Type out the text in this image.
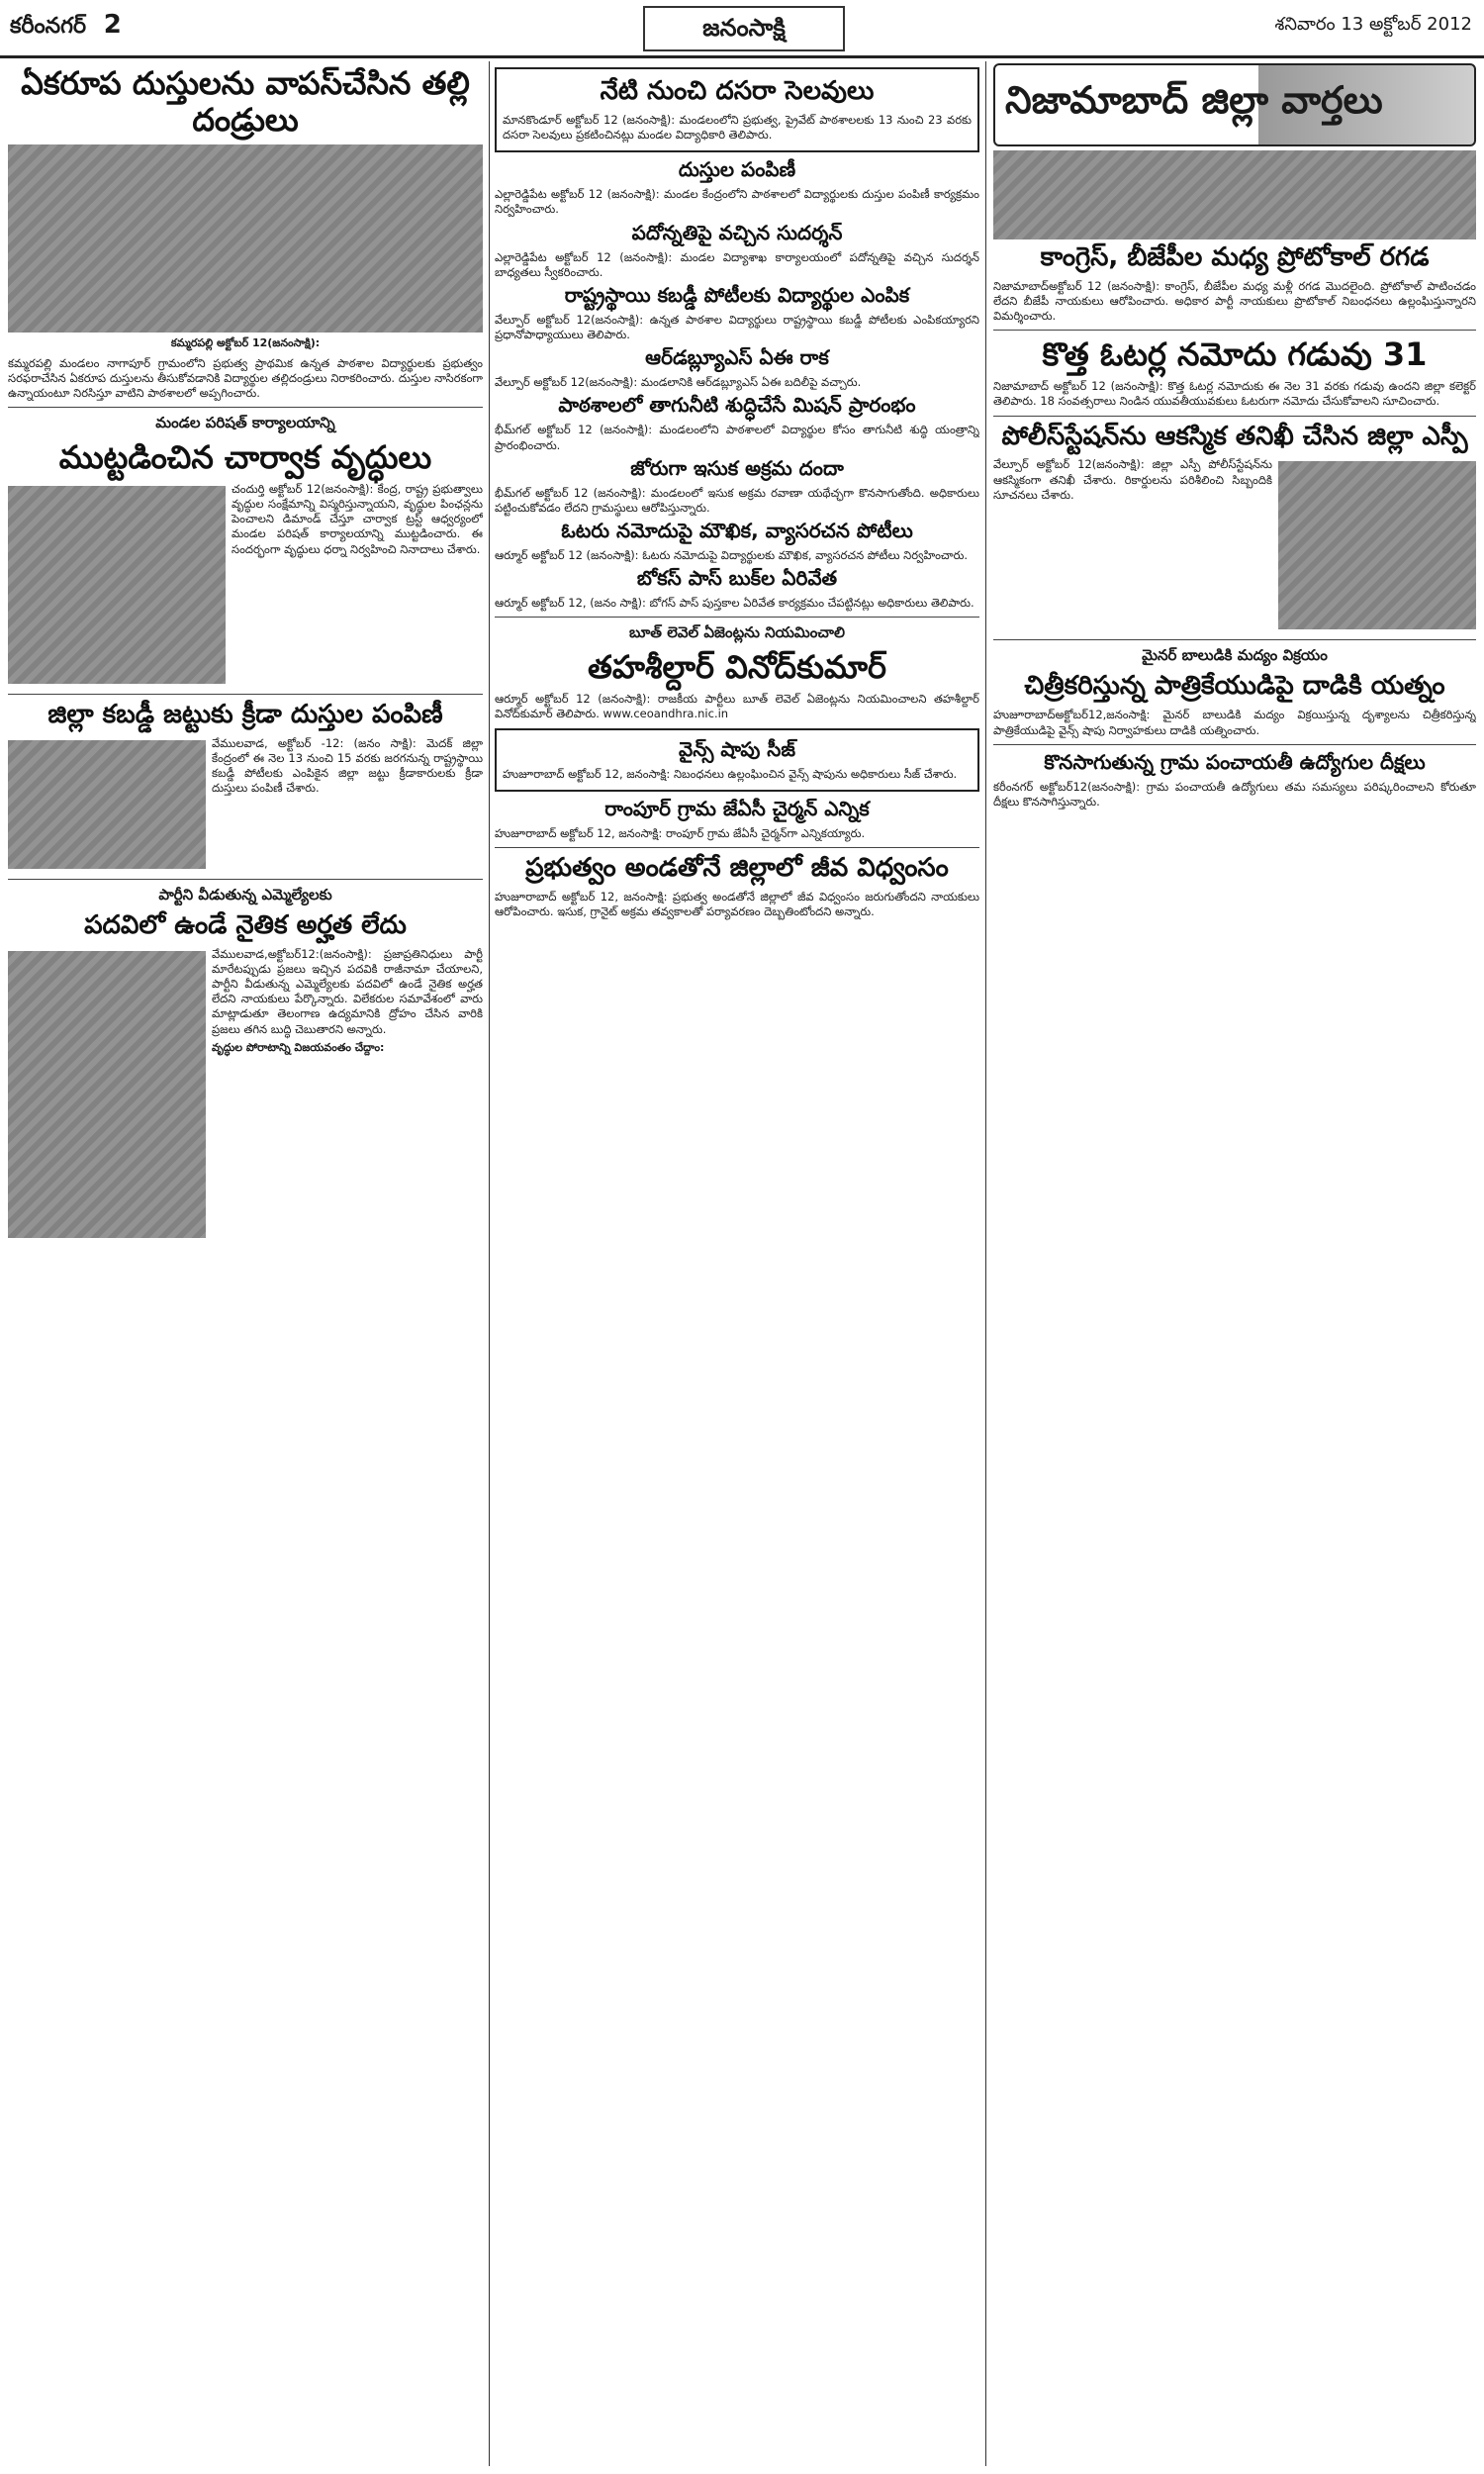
కరీంనగర్ 2	జనంసాక్షి	శనివారం 13 అక్టోబర్ 2012
ఏకరూప దుస్తులను వాపస్‌చేసిన తల్లి దండ్రులు
కమ్మరపల్లి అక్టోబర్ 12(జనంసాక్షి):

కమ్మరపల్లి మండలం నాగాపూర్ గ్రామంలోని ప్రభుత్వ ప్రాథమిక ఉన్నత పాఠశాల విద్యార్థులకు ప్రభుత్వం సరఫరాచేసిన ఏకరూప దుస్తులను తీసుకోవడానికి విద్యార్థుల తల్లిదండ్రులు నిరాకరించారు. దుస్తుల నాసిరకంగా ఉన్నాయంటూ నిరసిస్తూ వాటిని పాఠశాలలో అప్పగించారు.

మండల పరిషత్ కార్యాలయాన్ని
ముట్టడించిన చార్వాక వృద్ధులు

చందుర్తి అక్టోబర్ 12(జనంసాక్షి): కేంద్ర, రాష్ట్ర ప్రభుత్వాలు వృద్ధుల సంక్షేమాన్ని విస్మరిస్తున్నాయని, వృద్ధుల పింఛన్లను పెంచాలని డిమాండ్ చేస్తూ చార్వాక ట్రస్ట్ ఆధ్వర్యంలో మండల పరిషత్ కార్యాలయాన్ని ముట్టడించారు. ఈ సందర్భంగా వృద్ధులు ధర్నా నిర్వహించి నినాదాలు చేశారు.

జిల్లా కబడ్డీ జట్టుకు క్రీడా దుస్తుల పంపిణీ

వేములవాడ, అక్టోబర్ -12: (జనం సాక్షి): మెదక్ జిల్లా కేంద్రంలో ఈ నెల 13 నుంచి 15 వరకు జరగనున్న రాష్ట్రస్థాయి కబడ్డీ పోటీలకు ఎంపికైన జిల్లా జట్టు క్రీడాకారులకు క్రీడా దుస్తులు పంపిణీ చేశారు.

పార్టీని వీడుతున్న ఎమ్మెల్యేలకు
పదవిలో ఉండే నైతిక అర్హత లేదు

వేములవాడ,అక్టోబర్12:(జనంసాక్షి): ప్రజాప్రతినిధులు పార్టీ మారేటప్పుడు ప్రజలు ఇచ్చిన పదవికి రాజీనామా చేయాలని, పార్టీని వీడుతున్న ఎమ్మెల్యేలకు పదవిలో ఉండే నైతిక అర్హత లేదని నాయకులు పేర్కొన్నారు. విలేకరుల సమావేశంలో వారు మాట్లాడుతూ తెలంగాణ ఉద్యమానికి ద్రోహం చేసిన వారికి ప్రజలు తగిన బుద్ధి చెబుతారని అన్నారు.

వృద్ధుల పోరాటాన్ని విజయవంతం చేద్దాం:
నేటి నుంచి దసరా సెలవులు

మానకొండూర్ అక్టోబర్ 12 (జనంసాక్షి): మండలంలోని ప్రభుత్వ, ప్రైవేట్ పాఠశాలలకు 13 నుంచి 23 వరకు దసరా సెలవులు ప్రకటించినట్లు మండల విద్యాధికారి తెలిపారు.

దుస్తుల పంపిణీ

ఎల్లారెడ్డిపేట అక్టోబర్ 12 (జనంసాక్షి): మండల కేంద్రంలోని పాఠశాలలో విద్యార్థులకు దుస్తుల పంపిణీ కార్యక్రమం నిర్వహించారు.

పదోన్నతిపై వచ్చిన సుదర్శన్

ఎల్లారెడ్డిపేట అక్టోబర్ 12 (జనంసాక్షి): మండల విద్యాశాఖ కార్యాలయంలో పదోన్నతిపై వచ్చిన సుదర్శన్ బాధ్యతలు స్వీకరించారు.

రాష్ట్రస్థాయి కబడ్డీ పోటీలకు విద్యార్థుల ఎంపిక

వేల్పూర్ అక్టోబర్ 12(జనంసాక్షి): ఉన్నత పాఠశాల విద్యార్థులు రాష్ట్రస్థాయి కబడ్డీ పోటీలకు ఎంపికయ్యారని ప్రధానోపాధ్యాయులు తెలిపారు.

ఆర్‌డబ్ల్యూఎస్ ఏఈ రాక

వేల్పూర్ అక్టోబర్ 12(జనంసాక్షి): మండలానికి ఆర్‌డబ్ల్యూఎస్ ఏఈ బదిలీపై వచ్చారు.

పాఠశాలలో తాగునీటి శుద్ధిచేసే మిషన్ ప్రారంభం

భీమ్‌గల్ అక్టోబర్ 12 (జనంసాక్షి): మండలంలోని పాఠశాలలో విద్యార్థుల కోసం తాగునీటి శుద్ధి యంత్రాన్ని ప్రారంభించారు.

జోరుగా ఇసుక అక్రమ దందా

భీమ్‌గల్ అక్టోబర్ 12 (జనంసాక్షి): మండలంలో ఇసుక అక్రమ రవాణా యథేచ్ఛగా కొనసాగుతోంది. అధికారులు పట్టించుకోవడం లేదని గ్రామస్థులు ఆరోపిస్తున్నారు.

ఓటరు నమోదుపై మౌఖిక, వ్యాసరచన పోటీలు

ఆర్మూర్ అక్టోబర్ 12 (జనంసాక్షి): ఓటరు నమోదుపై విద్యార్థులకు మౌఖిక, వ్యాసరచన పోటీలు నిర్వహించారు.

బోకస్ పాస్ బుక్‌ల ఏరివేత

ఆర్మూర్ అక్టోబర్ 12, (జనం సాక్షి): బోగస్ పాస్ పుస్తకాల ఏరివేత కార్యక్రమం చేపట్టినట్లు అధికారులు తెలిపారు.

బూత్ లెవెల్ ఏజెంట్లను నియమించాలి
తహశీల్దార్ వినోద్‌కుమార్

ఆర్మూర్ అక్టోబర్ 12 (జనంసాక్షి): రాజకీయ పార్టీలు బూత్ లెవెల్ ఏజెంట్లను నియమించాలని తహశీల్దార్ వినోద్‌కుమార్ తెలిపారు. www.ceoandhra.nic.in

వైన్స్ షాపు సీజ్

హుజూరాబాద్ అక్టోబర్ 12, జనంసాక్షి: నిబంధనలు ఉల్లంఘించిన వైన్స్ షాపును అధికారులు సీజ్ చేశారు.

రాంపూర్ గ్రామ జేఏసీ చైర్మన్ ఎన్నిక

హుజూరాబాద్ అక్టోబర్ 12, జనంసాక్షి: రాంపూర్ గ్రామ జేఏసీ చైర్మన్‌గా ఎన్నికయ్యారు.

ప్రభుత్వం అండతోనే జిల్లాలో జీవ విధ్వంసం

హుజూరాబాద్ అక్టోబర్ 12, జనంసాక్షి: ప్రభుత్వ అండతోనే జిల్లాలో జీవ విధ్వంసం జరుగుతోందని నాయకులు ఆరోపించారు. ఇసుక, గ్రానైట్ అక్రమ తవ్వకాలతో పర్యావరణం దెబ్బతింటోందని అన్నారు.

నిజామాబాద్ జిల్లా వార్తలు
కాంగ్రెస్, బీజేపీల మధ్య ప్రోటోకాల్ రగడ

నిజామాబాద్‌అక్టోబర్ 12 (జనంసాక్షి): కాంగ్రెస్, బీజేపీల మధ్య మళ్లీ రగడ మొదలైంది. ప్రోటోకాల్ పాటించడం లేదని బీజేపీ నాయకులు ఆరోపించారు. అధికార పార్టీ నాయకులు ప్రొటోకాల్ నిబంధనలు ఉల్లంఘిస్తున్నారని విమర్శించారు.

కొత్త ఓటర్ల నమోదు గడువు 31

నిజామాబాద్ అక్టోబర్ 12 (జనంసాక్షి): కొత్త ఓటర్ల నమోదుకు ఈ నెల 31 వరకు గడువు ఉందని జిల్లా కలెక్టర్ తెలిపారు. 18 సంవత్సరాలు నిండిన యువతీయువకులు ఓటరుగా నమోదు చేసుకోవాలని సూచించారు.

పోలీస్‌స్టేషన్‌ను ఆకస్మిక తనిఖీ చేసిన జిల్లా ఎస్పీ

వేల్పూర్ అక్టోబర్ 12(జనంసాక్షి): జిల్లా ఎస్పీ పోలీస్‌స్టేషన్‌ను ఆకస్మికంగా తనిఖీ చేశారు. రికార్డులను పరిశీలించి సిబ్బందికి సూచనలు చేశారు.

మైనర్ బాలుడికి మద్యం విక్రయం
చిత్రీకరిస్తున్న పాత్రికేయుడిపై దాడికి యత్నం

హుజూరాబాద్‌అక్టోబర్12,జనంసాక్షి: మైనర్ బాలుడికి మద్యం విక్రయిస్తున్న దృశ్యాలను చిత్రీకరిస్తున్న పాత్రికేయుడిపై వైన్స్ షాపు నిర్వాహకులు దాడికి యత్నించారు.

కొనసాగుతున్న గ్రామ పంచాయతీ ఉద్యోగుల దీక్షలు

కరీంనగర్ అక్టోబర్12(జనంసాక్షి): గ్రామ పంచాయతీ ఉద్యోగులు తమ సమస్యలు పరిష్కరించాలని కోరుతూ దీక్షలు కొనసాగిస్తున్నారు.
